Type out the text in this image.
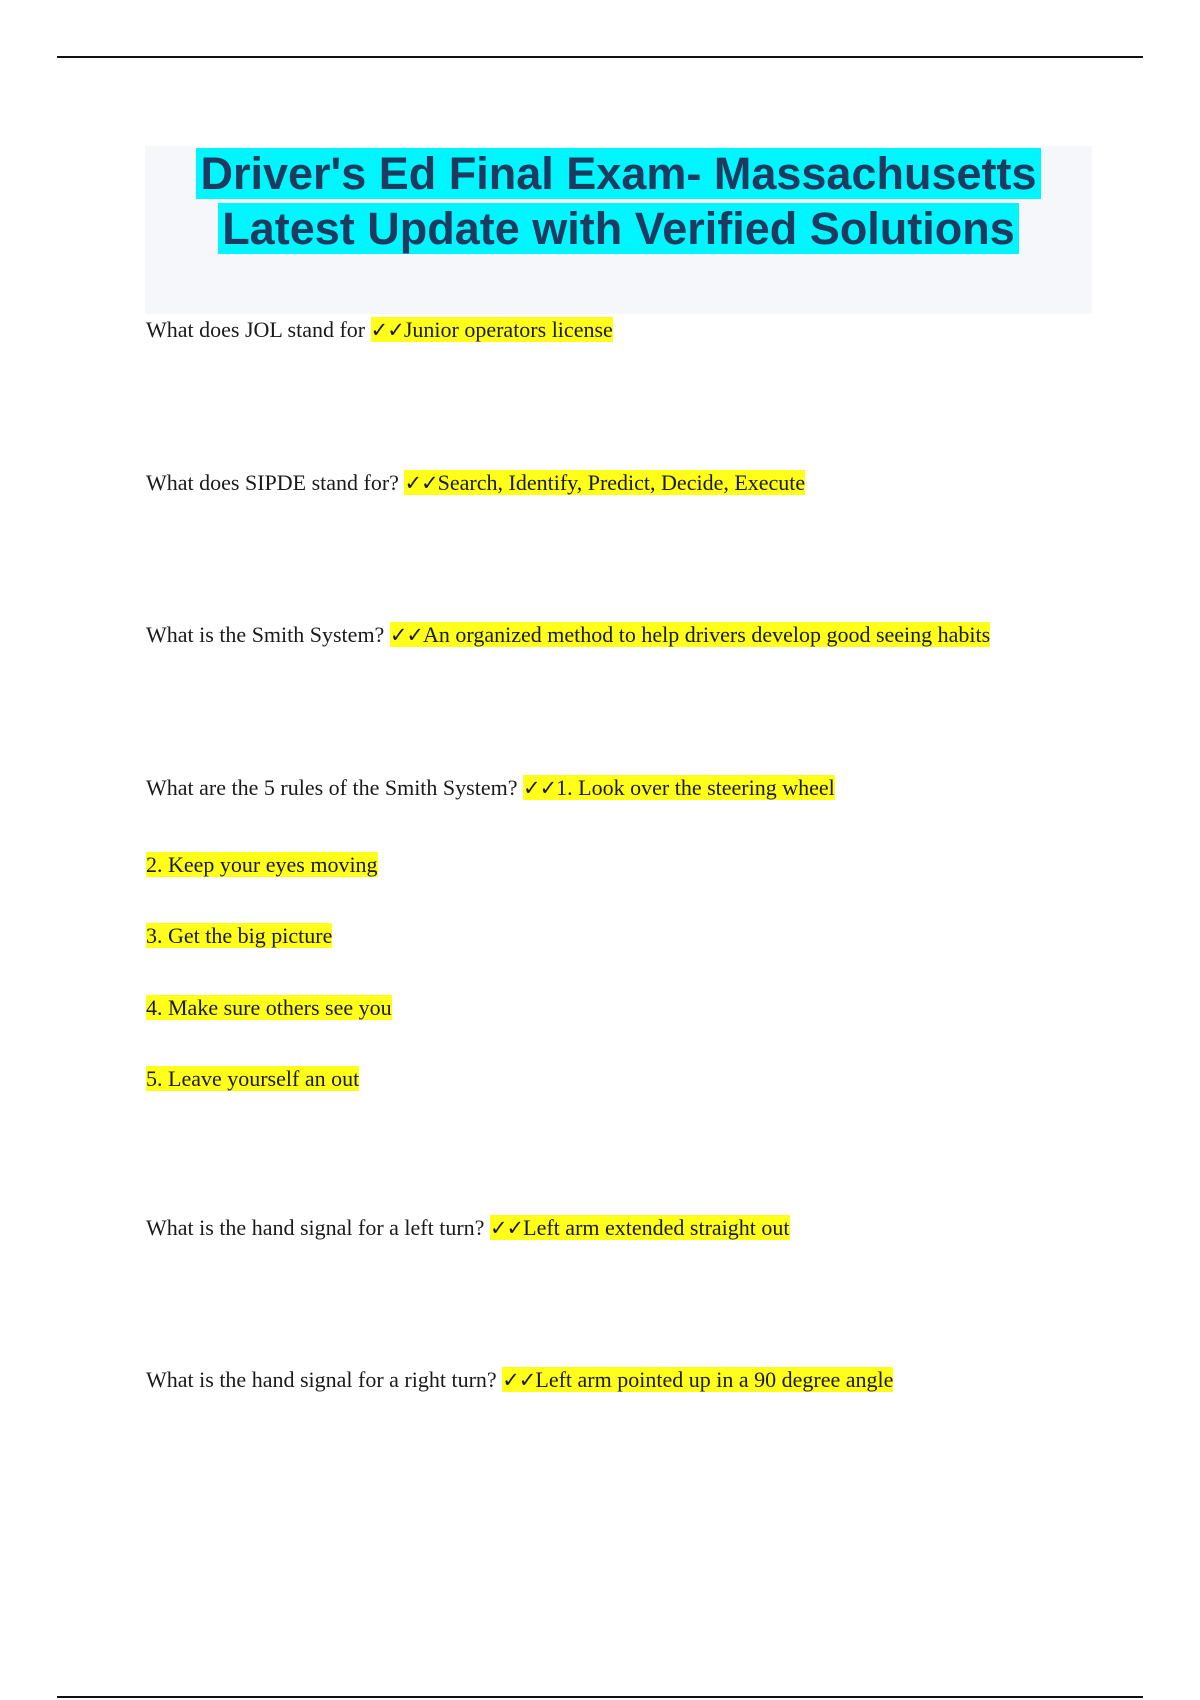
Driver's Ed Final Exam- Massachusetts
Latest Update with Verified Solutions
What does JOL stand for ✓✓Junior operators license
What does SIPDE stand for? ✓✓Search, Identify, Predict, Decide, Execute
What is the Smith System? ✓✓An organized method to help drivers develop good seeing habits
What are the 5 rules of the Smith System? ✓✓1. Look over the steering wheel
2. Keep your eyes moving
3. Get the big picture
4. Make sure others see you
5. Leave yourself an out
What is the hand signal for a left turn? ✓✓Left arm extended straight out
What is the hand signal for a right turn? ✓✓Left arm pointed up in a 90 degree angle
